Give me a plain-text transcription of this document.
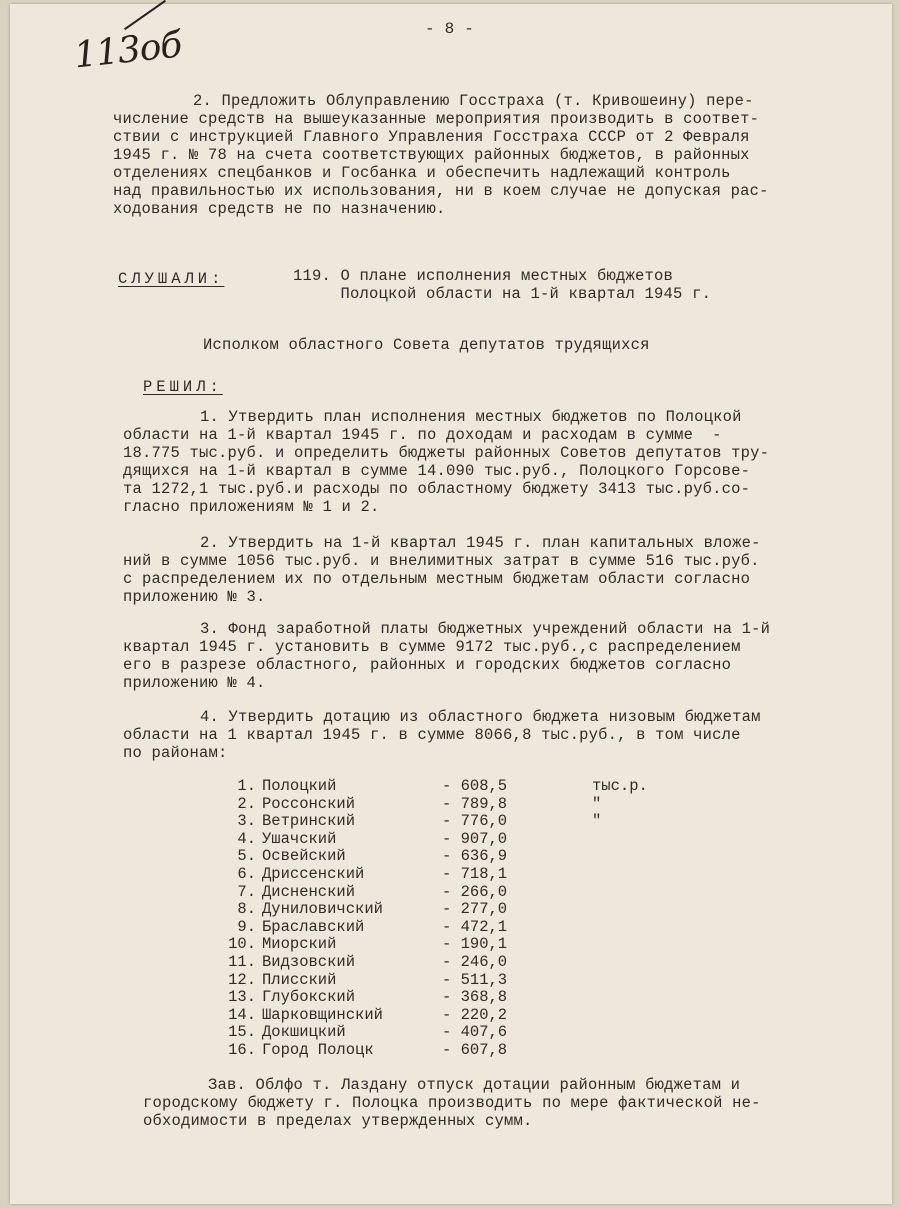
- 8 -
113об
2. Предложить Облуправлению Госстраха (т. Кривошеину) пере-
числение средств на вышеуказанные мероприятия производить в соответ-
ствии с инструкцией Главного Управления Госстраха СССР от 2 Февраля
1945 г. № 78 на счета соответствующих районных бюджетов, в районных
отделениях спецбанков и Госбанка и обеспечить надлежащий контроль
над правильностью их использования, ни в коем случае не допуская рас-
ходования средств не по назначению.
СЛУШАЛИ:	119. О плане исполнения местных бюджетов
Полоцкой области на 1-й квартал 1945 г.
Исполком областного Совета депутатов трудящихся
РЕШИЛ:
1. Утвердить план исполнения местных бюджетов по Полоцкой
области на 1-й квартал 1945 г. по доходам и расходам в сумме  -
18.775 тыс.руб. и определить бюджеты районных Советов депутатов тру-
дящихся на 1-й квартал в сумме 14.090 тыс.руб., Полоцкого Горсове-
та 1272,1 тыс.руб.и расходы по областному бюджету 3413 тыс.руб.со-
гласно приложениям № 1 и 2.
2. Утвердить на 1-й квартал 1945 г. план капитальных вложе-
ний в сумме 1056 тыс.руб. и внелимитных затрат в сумме 516 тыс.руб.
с распределением их по отдельным местным бюджетам области согласно
приложению № 3.
3. Фонд заработной платы бюджетных учреждений области на 1-й
квартал 1945 г. установить в сумме 9172 тыс.руб.,с распределением
его в разрезе областного, районных и городских бюджетов согласно
приложению № 4.
4. Утвердить дотацию из областного бюджета низовым бюджетам
области на 1 квартал 1945 г. в сумме 8066,8 тыс.руб., в том числе
по районам:
1. Полоцкий	- 608,5	тыс.р.
2. Россонский	- 789,8	"
3. Ветринский	- 776,0	"
4. Ушачский	- 907,0
5. Освейский	- 636,9
6. Дриссенский	- 718,1
7. Дисненский	- 266,0
8. Дуниловичский	- 277,0
9. Браславский	- 472,1
10. Миорский	- 190,1
11. Видзовский	- 246,0
12. Плисский	- 511,3
13. Глубокский	- 368,8
14. Шарковщинский	- 220,2
15. Докшицкий	- 407,6
16. Город Полоцк	- 607,8
Зав. Облфо т. Лаздану отпуск дотации районным бюджетам и
городскому бюджету г. Полоцка производить по мере фактической не-
обходимости в пределах утвержденных сумм.
